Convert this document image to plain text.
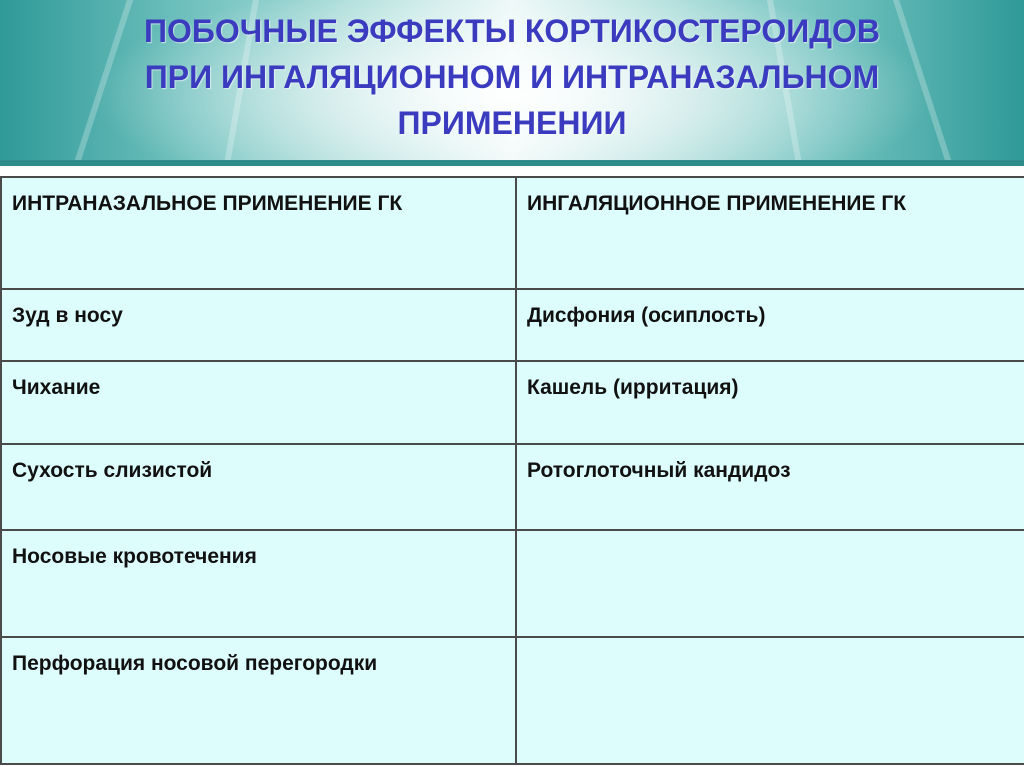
ПОБОЧНЫЕ ЭФФЕКТЫ КОРТИКОСТЕРОИДОВ
ПРИ ИНГАЛЯЦИОННОМ И ИНТРАНАЗАЛЬНОМ
ПРИМЕНЕНИИ
ИНТРАНАЗАЛЬНОЕ ПРИМЕНЕНИЕ ГК	ИНГАЛЯЦИОННОЕ ПРИМЕНЕНИЕ ГК
Зуд в носу	Дисфония (осиплость)
Чихание	Кашель (ирритация)
Сухость слизистой	Ротоглоточный кандидоз
Носовые кровотечения	
Перфорация носовой перегородки	
